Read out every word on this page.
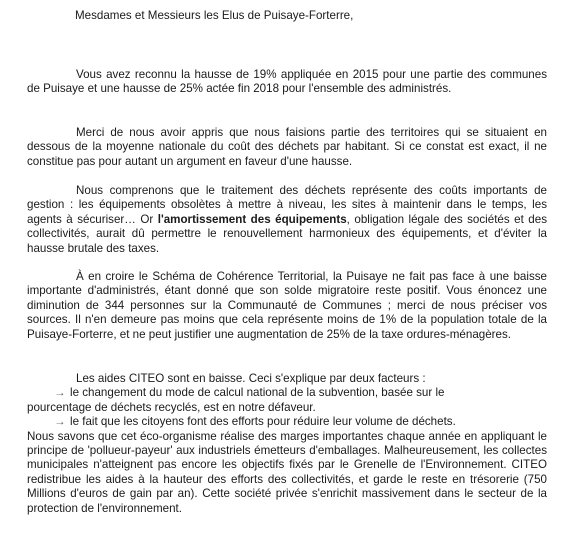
Mesdames et Messieurs les Elus de Puisaye-Forterre,

Vous avez reconnu la hausse de 19% appliquée en 2015 pour une partie des communes de Puisaye et une hausse de 25% actée fin 2018 pour l'ensemble des administrés.

Merci de nous avoir appris que nous faisions partie des territoires qui se situaient en dessous de la moyenne nationale du coût des déchets par habitant. Si ce constat est exact, il ne constitue pas pour autant un argument en faveur d'une hausse.

Nous comprenons que le traitement des déchets représente des coûts importants de gestion : les équipements obsolètes à mettre à niveau, les sites à maintenir dans le temps, les agents à sécuriser… Or l'amortissement des équipements, obligation légale des sociétés et des collectivités, aurait dû permettre le renouvellement harmonieux des équipements, et d'éviter la hausse brutale des taxes.

À en croire le Schéma de Cohérence Territorial, la Puisaye ne fait pas face à une baisse importante d'administrés, étant donné que son solde migratoire reste positif. Vous énoncez une diminution de 344 personnes sur la Communauté de Communes ; merci de nous préciser vos sources. Il n'en demeure pas moins que cela représente moins de 1% de la population totale de la Puisaye-Forterre, et ne peut justifier une augmentation de 25% de la taxe ordures-ménagères.

Les aides CITEO sont en baisse. Ceci s'explique par deux facteurs :
→ le changement du mode de calcul national de la subvention, basée sur le
pourcentage de déchets recyclés, est en notre défaveur.
→ le fait que les citoyens font des efforts pour réduire leur volume de déchets.
Nous savons que cet éco-organisme réalise des marges importantes chaque année en appliquant le principe de 'pollueur-payeur' aux industriels émetteurs d'emballages. Malheureusement, les collectes municipales n'atteignent pas encore les objectifs fixés par le Grenelle de l'Environnement. CITEO redistribue les aides à la hauteur des efforts des collectivités, et garde le reste en trésorerie (750 Millions d'euros de gain par an). Cette société privée s'enrichit massivement dans le secteur de la protection de l'environnement.
